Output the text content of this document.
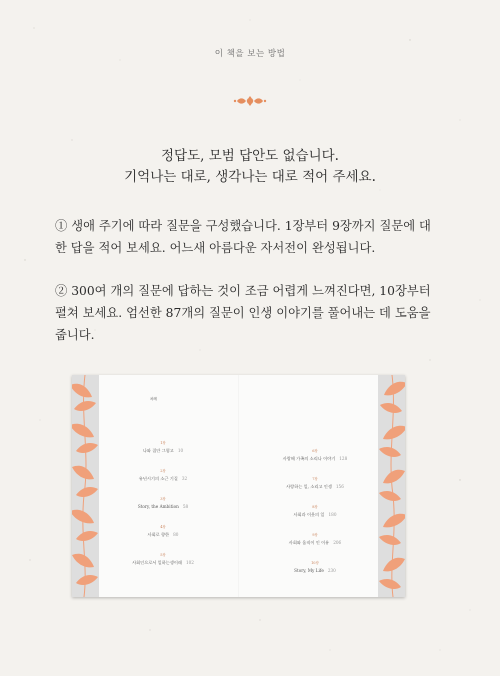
이 책을 보는 방법
정답도, 모범 답안도 없습니다.
기억나는 대로, 생각나는 대로 적어 주세요.
① 생애 주기에 따라 질문을 구성했습니다. 1장부터 9장까지 질문에 대
한 답을 적어 보세요. 어느새 아름다운 자서전이 완성됩니다.
② 300여 개의 질문에 답하는 것이 조금 어렵게 느껴진다면, 10장부터
펼쳐 보세요. 엄선한 87개의 질문이 인생 이야기를 풀어내는 데 도움을
줍니다.
차례
1장
나와 집안 그렇고 10
2장
유년시기의 소근 기질 32
3장
Story, the Ambition 58
4장
사회로 향한 80
5장
사회인으로서 일하는생이래 102
6장
사랑해 가족의 소리나 이야기 128
7장
사랑하는 일, 소리고 인생 156
8장
사회과 이웃의 일 180
9장
사회와 움직이 인 이유 206
10장
Story, My Life 230
